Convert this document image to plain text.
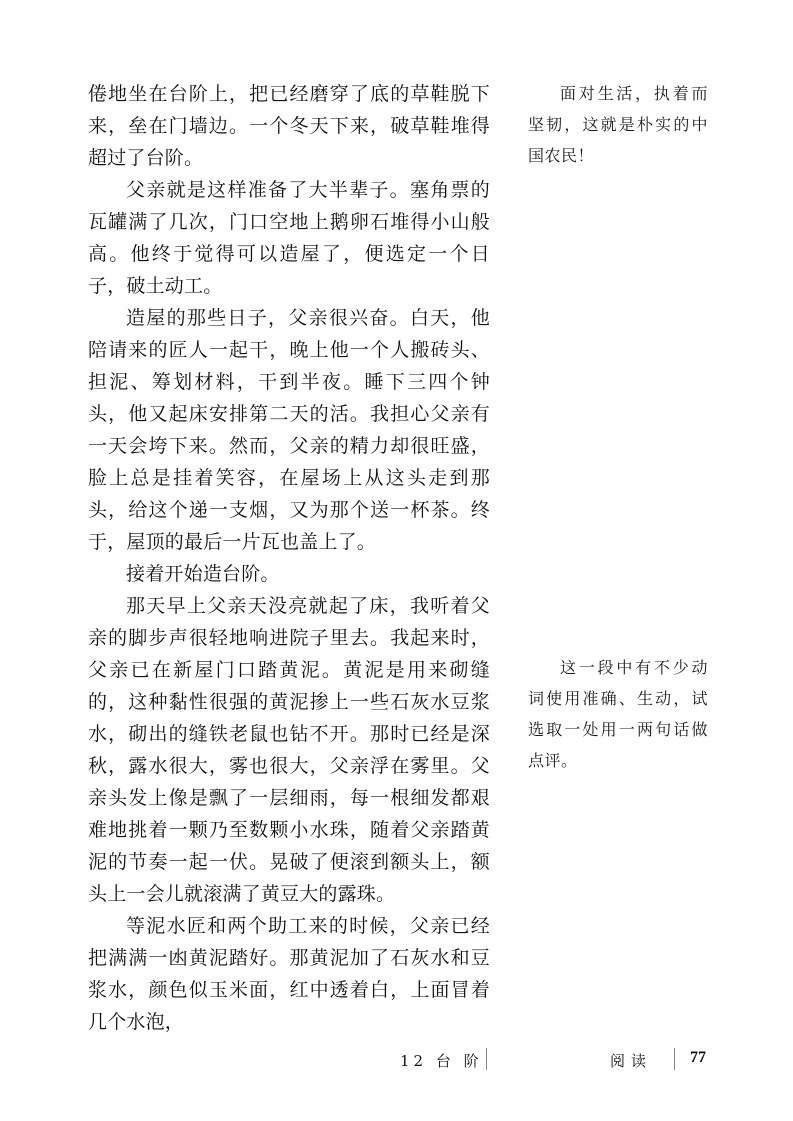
倦地坐在台阶上，把已经磨穿了底的草鞋脱下来，垒在门墙边。一个冬天下来，破草鞋堆得超过了台阶。

父亲就是这样准备了大半辈子。塞角票的瓦罐满了几次，门口空地上鹅卵石堆得小山般高。他终于觉得可以造屋了，便选定一个日子，破土动工。

造屋的那些日子，父亲很兴奋。白天，他陪请来的匠人一起干，晚上他一个人搬砖头、担泥、筹划材料，干到半夜。睡下三四个钟头，他又起床安排第二天的活。我担心父亲有一天会垮下来。然而，父亲的精力却很旺盛，脸上总是挂着笑容，在屋场上从这头走到那头，给这个递一支烟，又为那个送一杯茶。终于，屋顶的最后一片瓦也盖上了。

接着开始造台阶。

那天早上父亲天没亮就起了床，我听着父亲的脚步声很轻地响进院子里去。我起来时，父亲已在新屋门口踏黄泥。黄泥是用来砌缝的，这种黏性很强的黄泥掺上一些石灰水豆浆水，砌出的缝铁老鼠也钻不开。那时已经是深秋，露水很大，雾也很大，父亲浮在雾里。父亲头发上像是飘了一层细雨，每一根细发都艰难地挑着一颗乃至数颗小水珠，随着父亲踏黄泥的节奏一起一伏。晃破了便滚到额头上，额头上一会儿就滚满了黄豆大的露珠。

等泥水匠和两个助工来的时候，父亲已经把满满一凼黄泥踏好。那黄泥加了石灰水和豆浆水，颜色似玉米面，红中透着白，上面冒着几个水泡，

面对生活，执着而坚韧，这就是朴实的中国农民！

这一段中有不少动词使用准确、生动，试选取一处用一两句话做点评。

12 台 阶	阅读 77
